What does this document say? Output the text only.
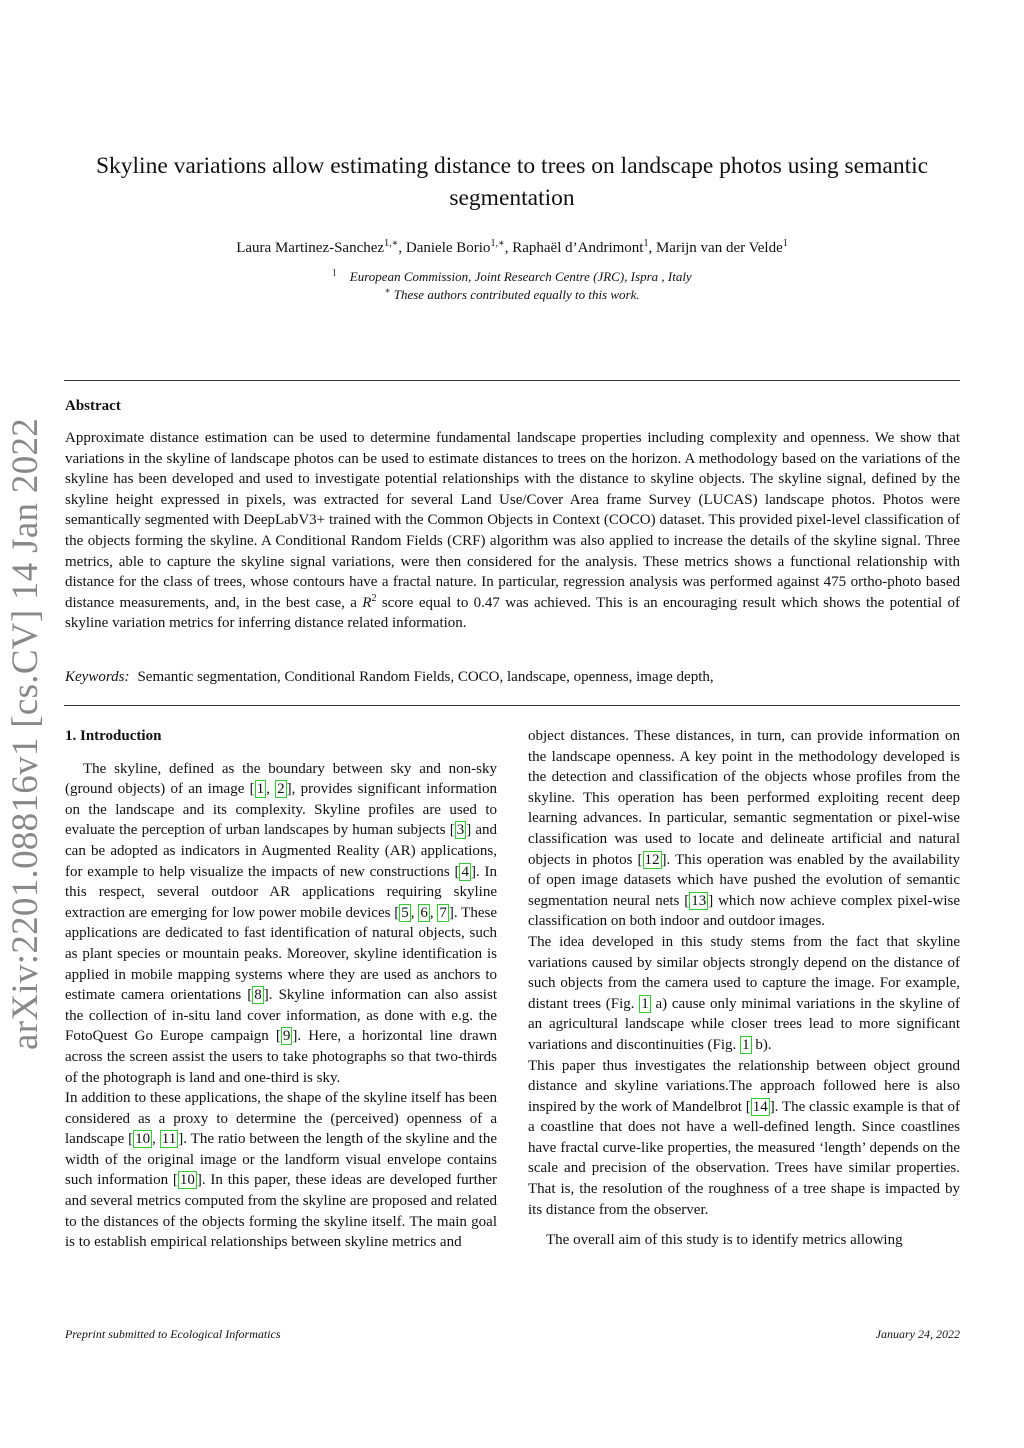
arXiv:2201.08816v1 [cs.CV] 14 Jan 2022
Skyline variations allow estimating distance to trees on landscape photos using semantic segmentation
Laura Martinez-Sanchez$^{1,∗}$, Daniele Borio$^{1,∗}$, Raphaël d’Andrimont$^1$, Marijn van der Velde$^1$
$^1$ European Commission, Joint Research Centre (JRC), Ispra , Italy
∗ These authors contributed equally to this work.
Abstract
Approximate distance estimation can be used to determine fundamental landscape properties including complexity and openness. We show that variations in the skyline of landscape photos can be used to estimate distances to trees on the horizon. A methodology based on the variations of the skyline has been developed and used to investigate potential relationships with the distance to skyline objects. The skyline signal, defined by the skyline height expressed in pixels, was extracted for several Land Use/Cover Area frame Survey (LUCAS) landscape photos. Photos were semantically segmented with DeepLabV3+ trained with the Common Objects in Context (COCO) dataset. This provided pixel-level classification of the objects forming the skyline. A Conditional Random Fields (CRF) algorithm was also applied to increase the details of the skyline signal. Three metrics, able to capture the skyline signal variations, were then considered for the analysis. These metrics shows a functional relationship with distance for the class of trees, whose contours have a fractal nature. In particular, regression analysis was performed against 475 ortho-photo based distance measurements, and, in the best case, a $R^2$ score equal to 0.47 was achieved. This is an encouraging result which shows the potential of skyline variation metrics for inferring distance related information.
Keywords: Semantic segmentation, Conditional Random Fields, COCO, landscape, openness, image depth,
1. Introduction

The skyline, defined as the boundary between sky and non-sky (ground objects) of an image [ 1 , 2 ], provides significant information on the landscape and its complexity. Skyline profiles are used to evaluate the perception of urban landscapes by human subjects [ 3 ] and can be adopted as indicators in Augmented Reality (AR) applications, for example to help visualize the impacts of new constructions [ 4 ]. In this respect, several outdoor AR applications requiring skyline extraction are emerging for low power mobile devices [ 5 , 6 , 7 ]. These applications are dedicated to fast identification of natural objects, such as plant species or mountain peaks. Moreover, skyline identification is applied in mobile mapping systems where they are used as anchors to estimate camera orientations [ 8 ]. Skyline information can also assist the collection of in-situ land cover information, as done with e.g. the FotoQuest Go Europe campaign [ 9 ]. Here, a horizontal line drawn across the screen assist the users to take photographs so that two-thirds of the photograph is land and one-third is sky.

In addition to these applications, the shape of the skyline itself has been considered as a proxy to determine the (perceived) openness of a landscape [ 10 , 11 ]. The ratio between the length of the skyline and the width of the original image or the landform visual envelope contains such information [ 10 ]. In this paper, these ideas are developed further and several metrics computed from the skyline are proposed and related to the distances of the objects forming the skyline itself. The main goal is to establish empirical relationships between skyline metrics and

object distances. These distances, in turn, can provide information on the landscape openness. A key point in the methodology developed is the detection and classification of the objects whose profiles from the skyline. This operation has been performed exploiting recent deep learning advances. In particular, semantic segmentation or pixel-wise classification was used to locate and delineate artificial and natural objects in photos [ 12 ]. This operation was enabled by the availability of open image datasets which have pushed the evolution of semantic segmentation neural nets [ 13 ] which now achieve complex pixel-wise classification on both indoor and outdoor images.

The idea developed in this study stems from the fact that skyline variations caused by similar objects strongly depend on the distance of such objects from the camera used to capture the image. For example, distant trees (Fig. 1 a) cause only minimal variations in the skyline of an agricultural landscape while closer trees lead to more significant variations and discontinuities (Fig. 1 b).

This paper thus investigates the relationship between object ground distance and skyline variations.The approach followed here is also inspired by the work of Mandelbrot [ 14 ]. The classic example is that of a coastline that does not have a well-defined length. Since coastlines have fractal curve-like properties, the measured ‘length’ depends on the scale and precision of the observation. Trees have similar properties. That is, the resolution of the roughness of a tree shape is impacted by its distance from the observer.

The overall aim of this study is to identify metrics allowing

Preprint submitted to Ecological Informatics	January 24, 2022
